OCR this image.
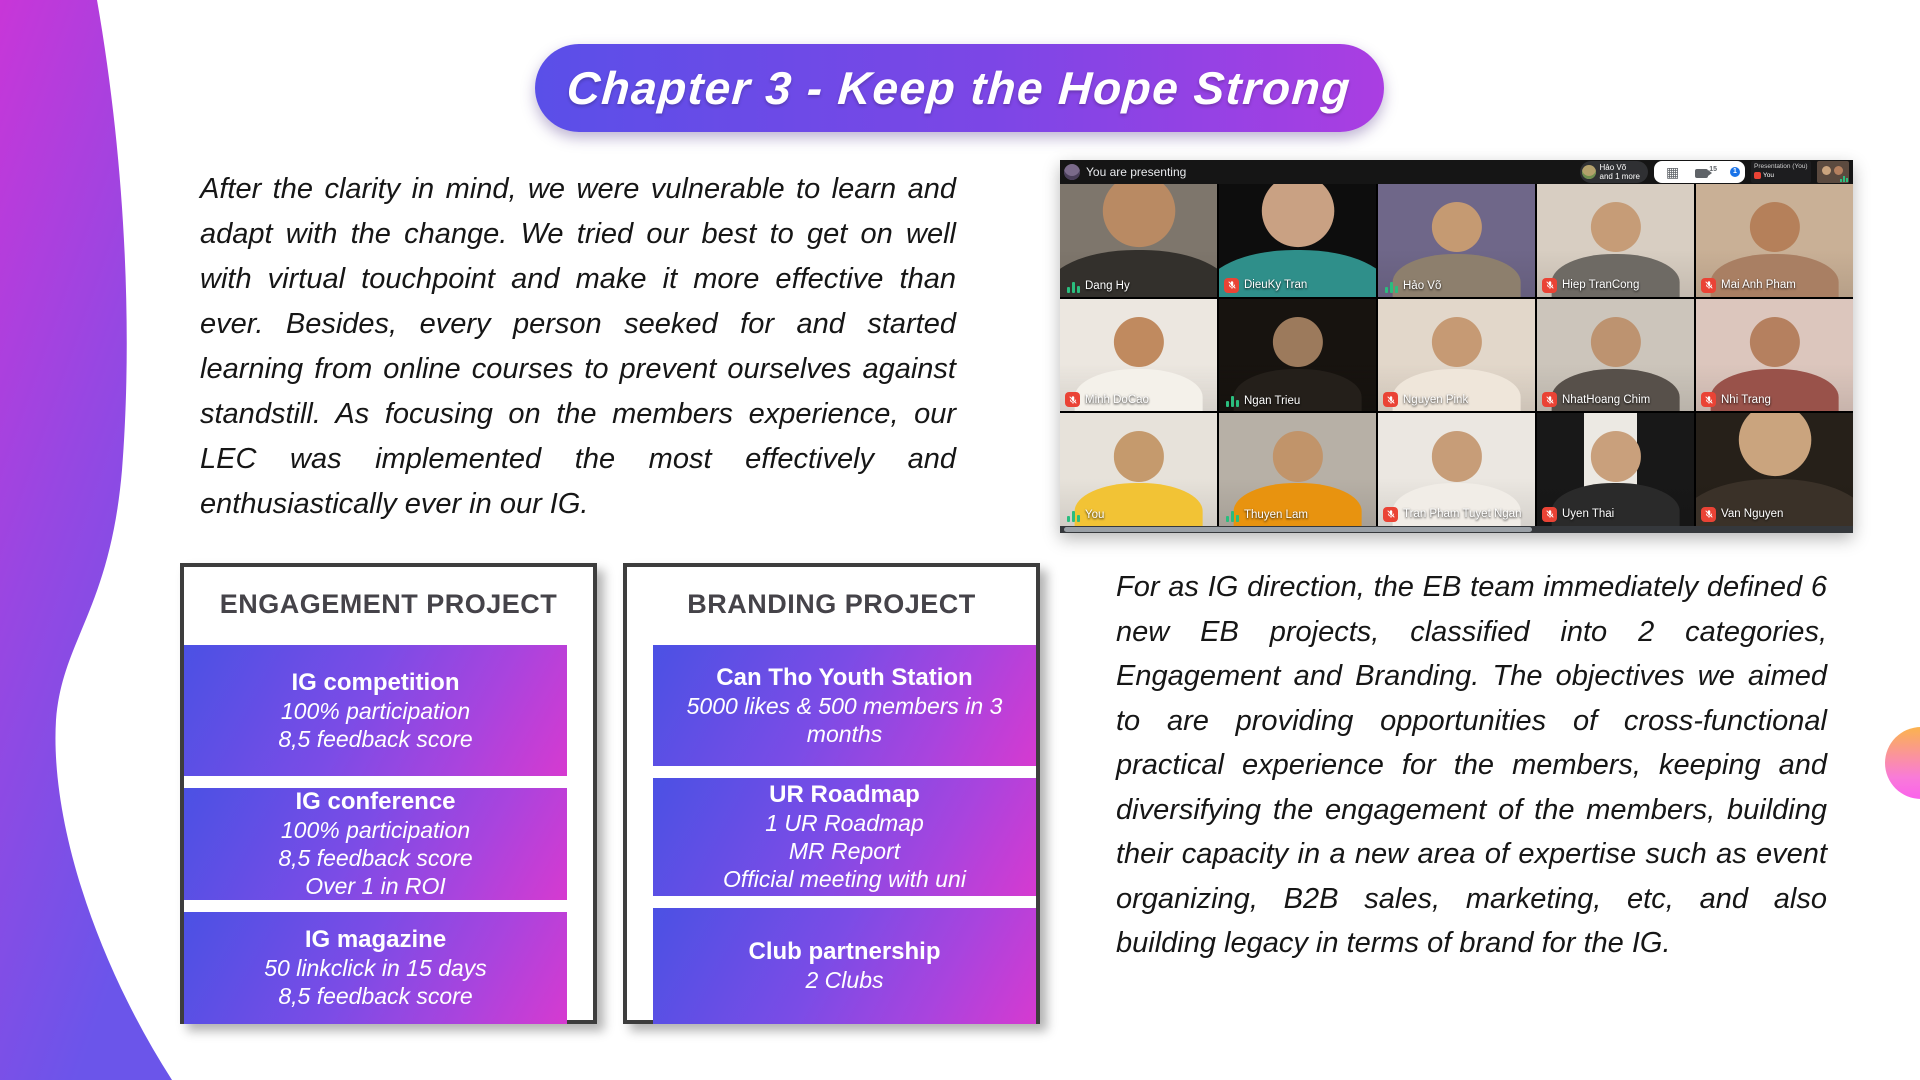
Chapter 3 - Keep the Hope Strong
After the clarity in mind, we were vulnerable to learn and adapt with the change. We tried our best to get on well with virtual touchpoint and make it more effective than ever. Besides, every person seeked for and started learning from online courses to prevent ourselves against standstill. As focusing on the members experience, our LEC was implemented the most effectively and enthusiastically ever in our IG.
You are presenting	Hảo Võ
and 1 more ▦	15	1
Presentation (You)
You
Dang Hy	DieuKy Tran	Hảo Võ	Hiep TranCong	Mai Anh Pham
Minh DoCao	Ngan Trieu	Nguyen Pink	NhatHoang Chim	Nhi Trang
You	Thuyen Lam	Tran Pham Tuyet Ngan	Uyen Thai	Van Nguyen
ENGAGEMENT PROJECT
IG competition
100% participation
8,5 feedback score
IG conference
100% participation
8,5 feedback score
Over 1 in ROI
IG magazine
50 linkclick in 15 days
8,5 feedback score
BRANDING PROJECT
Can Tho Youth Station
5000 likes & 500 members in 3 months
UR Roadmap
1 UR Roadmap
MR Report
Official meeting with uni
Club partnership
2 Clubs
For as IG direction, the EB team immediately defined 6 new EB projects, classified into 2 categories, Engagement and Branding. The objectives we aimed to are providing opportunities of cross-functional practical experience for the members, keeping and diversifying the engagement of the members, building their capacity in a new area of expertise such as event organizing, B2B sales, marketing, etc, and also building legacy in terms of brand for the IG.
